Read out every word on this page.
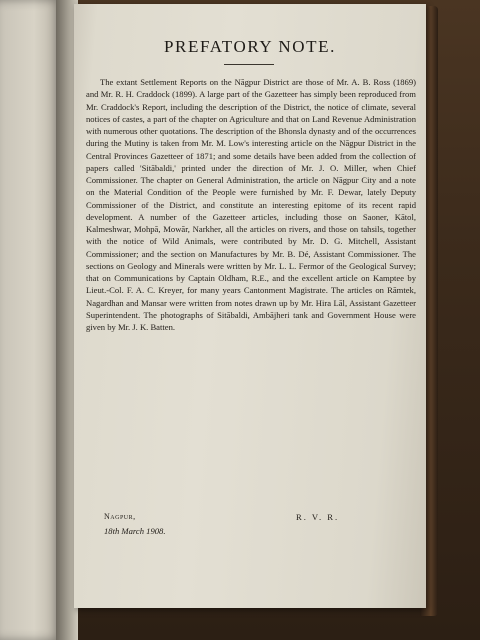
PREFATORY NOTE.

The extant Settlement Reports on the Nāgpur District are those of Mr. A. B. Ross (1869) and Mr. R. H. Craddock (1899). A large part of the Gazetteer has simply been reproduced from Mr. Craddock's Report, including the description of the District, the notice of climate, several notices of castes, a part of the chapter on Agriculture and that on Land Revenue Administration with numerous other quotations. The description of the Bhonsla dynasty and of the occurrences during the Mutiny is taken from Mr. M. Low's interesting article on the Nāgpur District in the Central Provinces Gazetteer of 1871; and some details have been added from the collection of papers called 'Sitābaldi,' printed under the direction of Mr. J. O. Miller, when Chief Commissioner. The chapter on General Administration, the article on Nāgpur City and a note on the Material Condition of the People were furnished by Mr. F. Dewar, lately Deputy Commissioner of the District, and constitute an interesting epitome of its recent rapid development. A number of the Gazetteer articles, including those on Saoner, Kātol, Kalmeshwar, Mohpā, Mowār, Narkher, all the articles on rivers, and those on tahsils, together with the notice of Wild Animals, were contributed by Mr. D. G. Mitchell, Assistant Commissioner; and the section on Manufactures by Mr. B. Dé, Assistant Commissioner. The sections on Geology and Minerals were written by Mr. L. L. Fermor of the Geological Survey; that on Communications by Captain Oldham, R.E., and the excellent article on Kamptee by Lieut.-Col. F. A. C. Kreyer, for many years Cantonment Magistrate. The articles on Rāmtek, Nagardhan and Mansar were written from notes drawn up by Mr. Hira Lāl, Assistant Gazetteer Superintendent. The photographs of Sitābaldi, Ambājheri tank and Government House were given by Mr. J. K. Batten.

Nagpur,
18th March 1908.
R. V. R.
